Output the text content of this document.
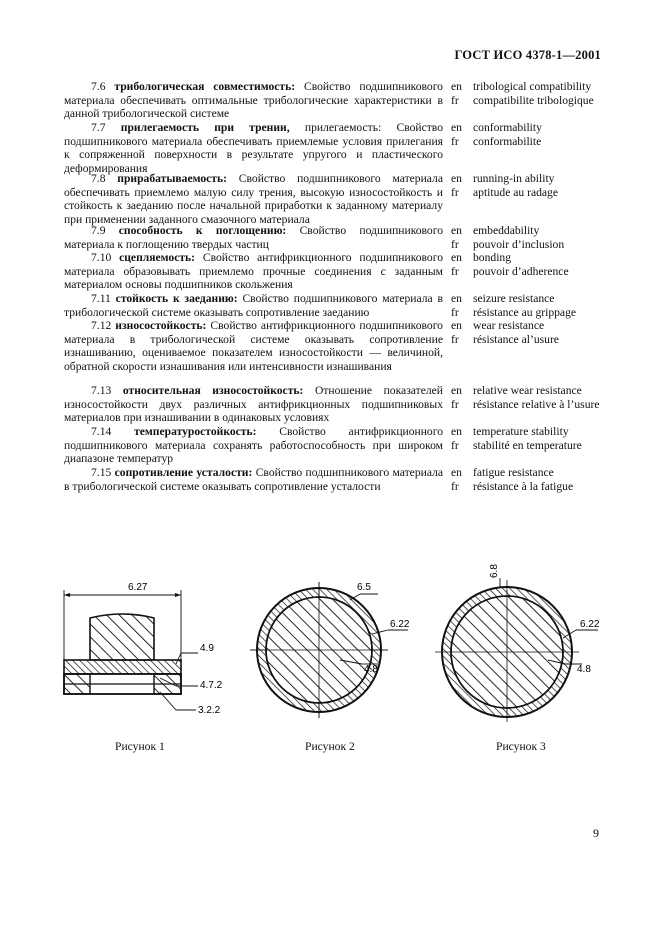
ГОСТ ИСО 4378-1—2001
7.6 трибологическая совместимость: Свойство подшипникового материала обеспечивать оптимальные трибологические характеристики в данной трибологической системе
en
fr
tribological compatibility
compatibilite tribologique
7.7 прилегаемость при трении, прилегаемость: Свойство подшипникового материала обеспечивать приемлемые условия прилегания к сопряженной поверхности в результате упругого и пластического деформирования
en
fr
conformability
conformabilite
7.8 прирабатываемость: Свойство подшипникового материала обеспечивать приемлемо малую силу трения, высокую износостойкость и стойкость к заеданию после начальной приработки к заданному материалу при применении заданного смазочного материала
en
fr
running-in ability
aptitude au radage
7.9 способность к поглощению: Свойство подшипникового материала к поглощению твердых частиц
en
fr
embeddability
pouvoir d’inclusion
7.10 сцепляемость: Свойство антифрикционного подшипникового материала образовывать приемлемо прочные соединения с заданным материалом основы подшипников скольжения
en
fr
bonding
pouvoir d’adherence
7.11 стойкость к заеданию: Свойство подшипникового материала в трибологической системе оказывать сопротивление заеданию
en
fr
seizure resistance
résistance au grippage
7.12 износостойкость: Свойство антифрикционного подшипникового материала в трибологической системе оказывать сопротивление изнашиванию, оцениваемое показателем износостойкости — величиной, обратной скорости изнашивания или интенсивности изнашивания
en
fr
wear resistance
résistance al’usure
7.13 относительная износостойкость: Отношение показателей износостойкости двух различных антифрикционных подшипниковых материалов при изнашивании в одинаковых условиях
en
fr
relative wear resistance
résistance relative à l’usure
7.14 температуростойкость: Свойство антифрикционного подшипникового материала сохранять работоспособность при широком диапазоне температур
en
fr
temperature stability
stabilité en temperature
7.15 сопротивление усталости: Свойство подшипникового материала в трибологической системе оказывать сопротивление усталости
en
fr
fatigue resistance
résistance à la fatigue
6.27
4.9
4.7.2
3.2.2
6.5
6.22
4.8
6.8
6.22
4.8
Рисунок 1	Рисунок 2	Рисунок 3
9
